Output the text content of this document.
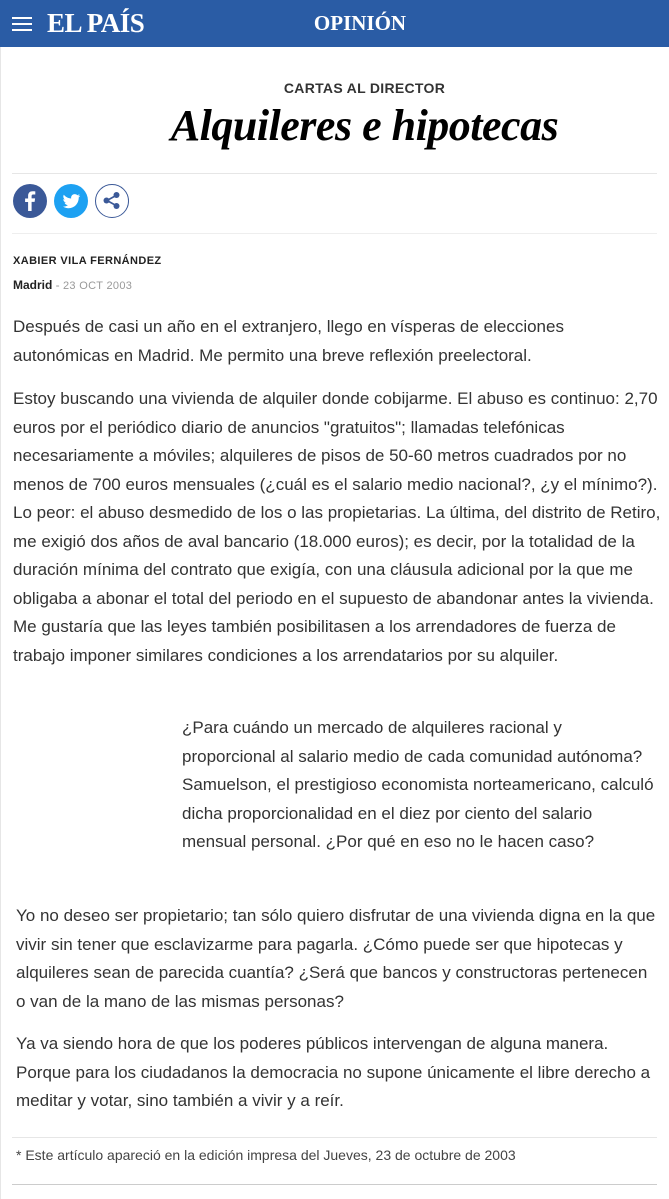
EL PAÍS	OPINIÓN
CARTAS AL DIRECTOR
Alquileres e hipotecas
XABIER VILA FERNÁNDEZ
Madrid - 23 OCT 2003

Después de casi un año en el extranjero, llego en vísperas de elecciones autonómicas en Madrid. Me permito una breve reflexión preelectoral.

Estoy buscando una vivienda de alquiler donde cobijarme. El abuso es continuo: 2,70 euros por el periódico diario de anuncios "gratuitos"; llamadas telefónicas necesariamente a móviles; alquileres de pisos de 50-60 metros cuadrados por no menos de 700 euros mensuales (¿cuál es el salario medio nacional?, ¿y el mínimo?). Lo peor: el abuso desmedido de los o las propietarias. La última, del distrito de Retiro, me exigió dos años de aval bancario (18.000 euros); es decir, por la totalidad de la duración mínima del contrato que exigía, con una cláusula adicional por la que me obligaba a abonar el total del periodo en el supuesto de abandonar antes la vivienda. Me gustaría que las leyes también posibilitasen a los arrendadores de fuerza de trabajo imponer similares condiciones a los arrendatarios por su alquiler.

¿Para cuándo un mercado de alquileres racional y proporcional al salario medio de cada comunidad autónoma? Samuelson, el prestigioso economista norteamericano, calculó dicha proporcionalidad en el diez por ciento del salario mensual personal. ¿Por qué en eso no le hacen caso?

Yo no deseo ser propietario; tan sólo quiero disfrutar de una vivienda digna en la que vivir sin tener que esclavizarme para pagarla. ¿Cómo puede ser que hipotecas y alquileres sean de parecida cuantía? ¿Será que bancos y constructoras pertenecen o van de la mano de las mismas personas?

Ya va siendo hora de que los poderes públicos intervengan de alguna manera. Porque para los ciudadanos la democracia no supone únicamente el libre derecho a meditar y votar, sino también a vivir y a reír.

* Este artículo apareció en la edición impresa del Jueves, 23 de octubre de 2003
